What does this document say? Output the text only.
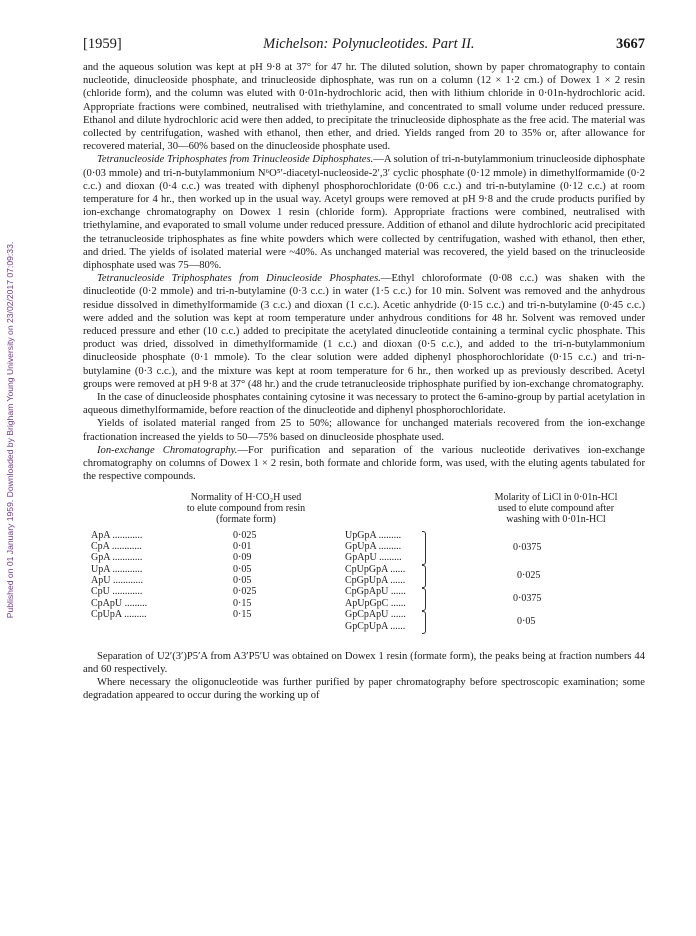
Published on 01 January 1959. Downloaded by Brigham Young University on 23/02/2017 07:09:33.
[1959]	Michelson: Polynucleotides. Part II.	3667

and the aqueous solution was kept at pH 9·8 at 37° for 47 hr. The diluted solution, shown by paper chromatography to contain nucleotide, dinucleoside phosphate, and trinucleoside diphosphate, was run on a column (12 × 1·2 cm.) of Dowex 1 × 2 resin (chloride form), and the column was eluted with 0·01n-hydrochloric acid, then with lithium chloride in 0·01n-hydrochloric acid. Appropriate fractions were combined, neutralised with triethylamine, and concentrated to small volume under reduced pressure. Ethanol and dilute hydrochloric acid were then added, to precipitate the trinucleoside diphosphate as the free acid. The material was collected by centrifugation, washed with ethanol, then ether, and dried. Yields ranged from 20 to 35% or, after allowance for recovered material, 30—60% based on the dinucleoside phosphate used.

Tetranucleoside Triphosphates from Trinucleoside Diphosphates.—A solution of tri-n-butylammonium trinucleoside diphosphate (0·03 mmole) and tri-n-butylammonium N⁶O⁵′-diacetyl-nucleoside-2′,3′ cyclic phosphate (0·12 mmole) in dimethylformamide (0·2 c.c.) and dioxan (0·4 c.c.) was treated with diphenyl phosphorochloridate (0·06 c.c.) and tri-n-butylamine (0·12 c.c.) at room temperature for 4 hr., then worked up in the usual way. Acetyl groups were removed at pH 9·8 and the crude products purified by ion-exchange chromatography on Dowex 1 resin (chloride form). Appropriate fractions were combined, neutralised with triethylamine, and evaporated to small volume under reduced pressure. Addition of ethanol and dilute hydrochloric acid precipitated the tetranucleoside triphosphates as fine white powders which were collected by centrifugation, washed with ethanol, then ether, and dried. The yields of isolated material were ~40%. As unchanged material was recovered, the yield based on the trinucleoside diphosphate used was 75—80%.

Tetranucleoside Triphosphates from Dinucleoside Phosphates.—Ethyl chloroformate (0·08 c.c.) was shaken with the dinucleotide (0·2 mmole) and tri-n-butylamine (0·3 c.c.) in water (1·5 c.c.) for 10 min. Solvent was removed and the anhydrous residue dissolved in dimethylformamide (3 c.c.) and dioxan (1 c.c.). Acetic anhydride (0·15 c.c.) and tri-n-butylamine (0·45 c.c.) were added and the solution was kept at room temperature under anhydrous conditions for 48 hr. Solvent was removed under reduced pressure and ether (10 c.c.) added to precipitate the acetylated dinucleotide containing a terminal cyclic phosphate. This product was dried, dissolved in dimethylformamide (1 c.c.) and dioxan (0·5 c.c.), and added to the tri-n-butylammonium dinucleoside phosphate (0·1 mmole). To the clear solution were added diphenyl phosphorochloridate (0·15 c.c.) and tri-n-butylamine (0·3 c.c.), and the mixture was kept at room temperature for 6 hr., then worked up as previously described. Acetyl groups were removed at pH 9·8 at 37° (48 hr.) and the crude tetranucleoside triphosphate purified by ion-exchange chromatography.

In the case of dinucleoside phosphates containing cytosine it was necessary to protect the 6-amino-group by partial acetylation in aqueous dimethylformamide, before reaction of the dinucleotide and diphenyl phosphorochloridate.

Yields of isolated material ranged from 25 to 50%; allowance for unchanged materials recovered from the ion-exchange fractionation increased the yields to 50—75% based on dinucleoside phosphate used.

Ion-exchange Chromatography.—For purification and separation of the various nucleotide derivatives ion-exchange chromatography on columns of Dowex 1 × 2 resin, both formate and chloride form, was used, with the eluting agents tabulated for the respective compounds.

Normality of H·CO₂H used
to elute compound from resin
(formate form)
Molarity of LiCl in 0·01n-HCl
used to elute compound after
washing with 0·01n-HCl
ApA ............
CpA ............
GpA ............
UpA ............
ApU ............
CpU ............
CpApU .........
CpUpA .........
0·025
0·01
0·09
0·05
0·05
0·025
0·15
0·15
UpGpA .........
GpUpA .........
GpApU .........
CpUpGpA ......
CpGpUpA ......
CpGpApU ......
ApUpGpC ......
GpCpApU ......
GpCpUpA ......
0·0375
0·025
0·0375
0·05

Separation of U2′(3′)P5′A from A3′P5′U was obtained on Dowex 1 resin (formate form), the peaks being at fraction numbers 44 and 60 respectively.

Where necessary the oligonucleotide was further purified by paper chromatography before spectroscopic examination; some degradation appeared to occur during the working up of
